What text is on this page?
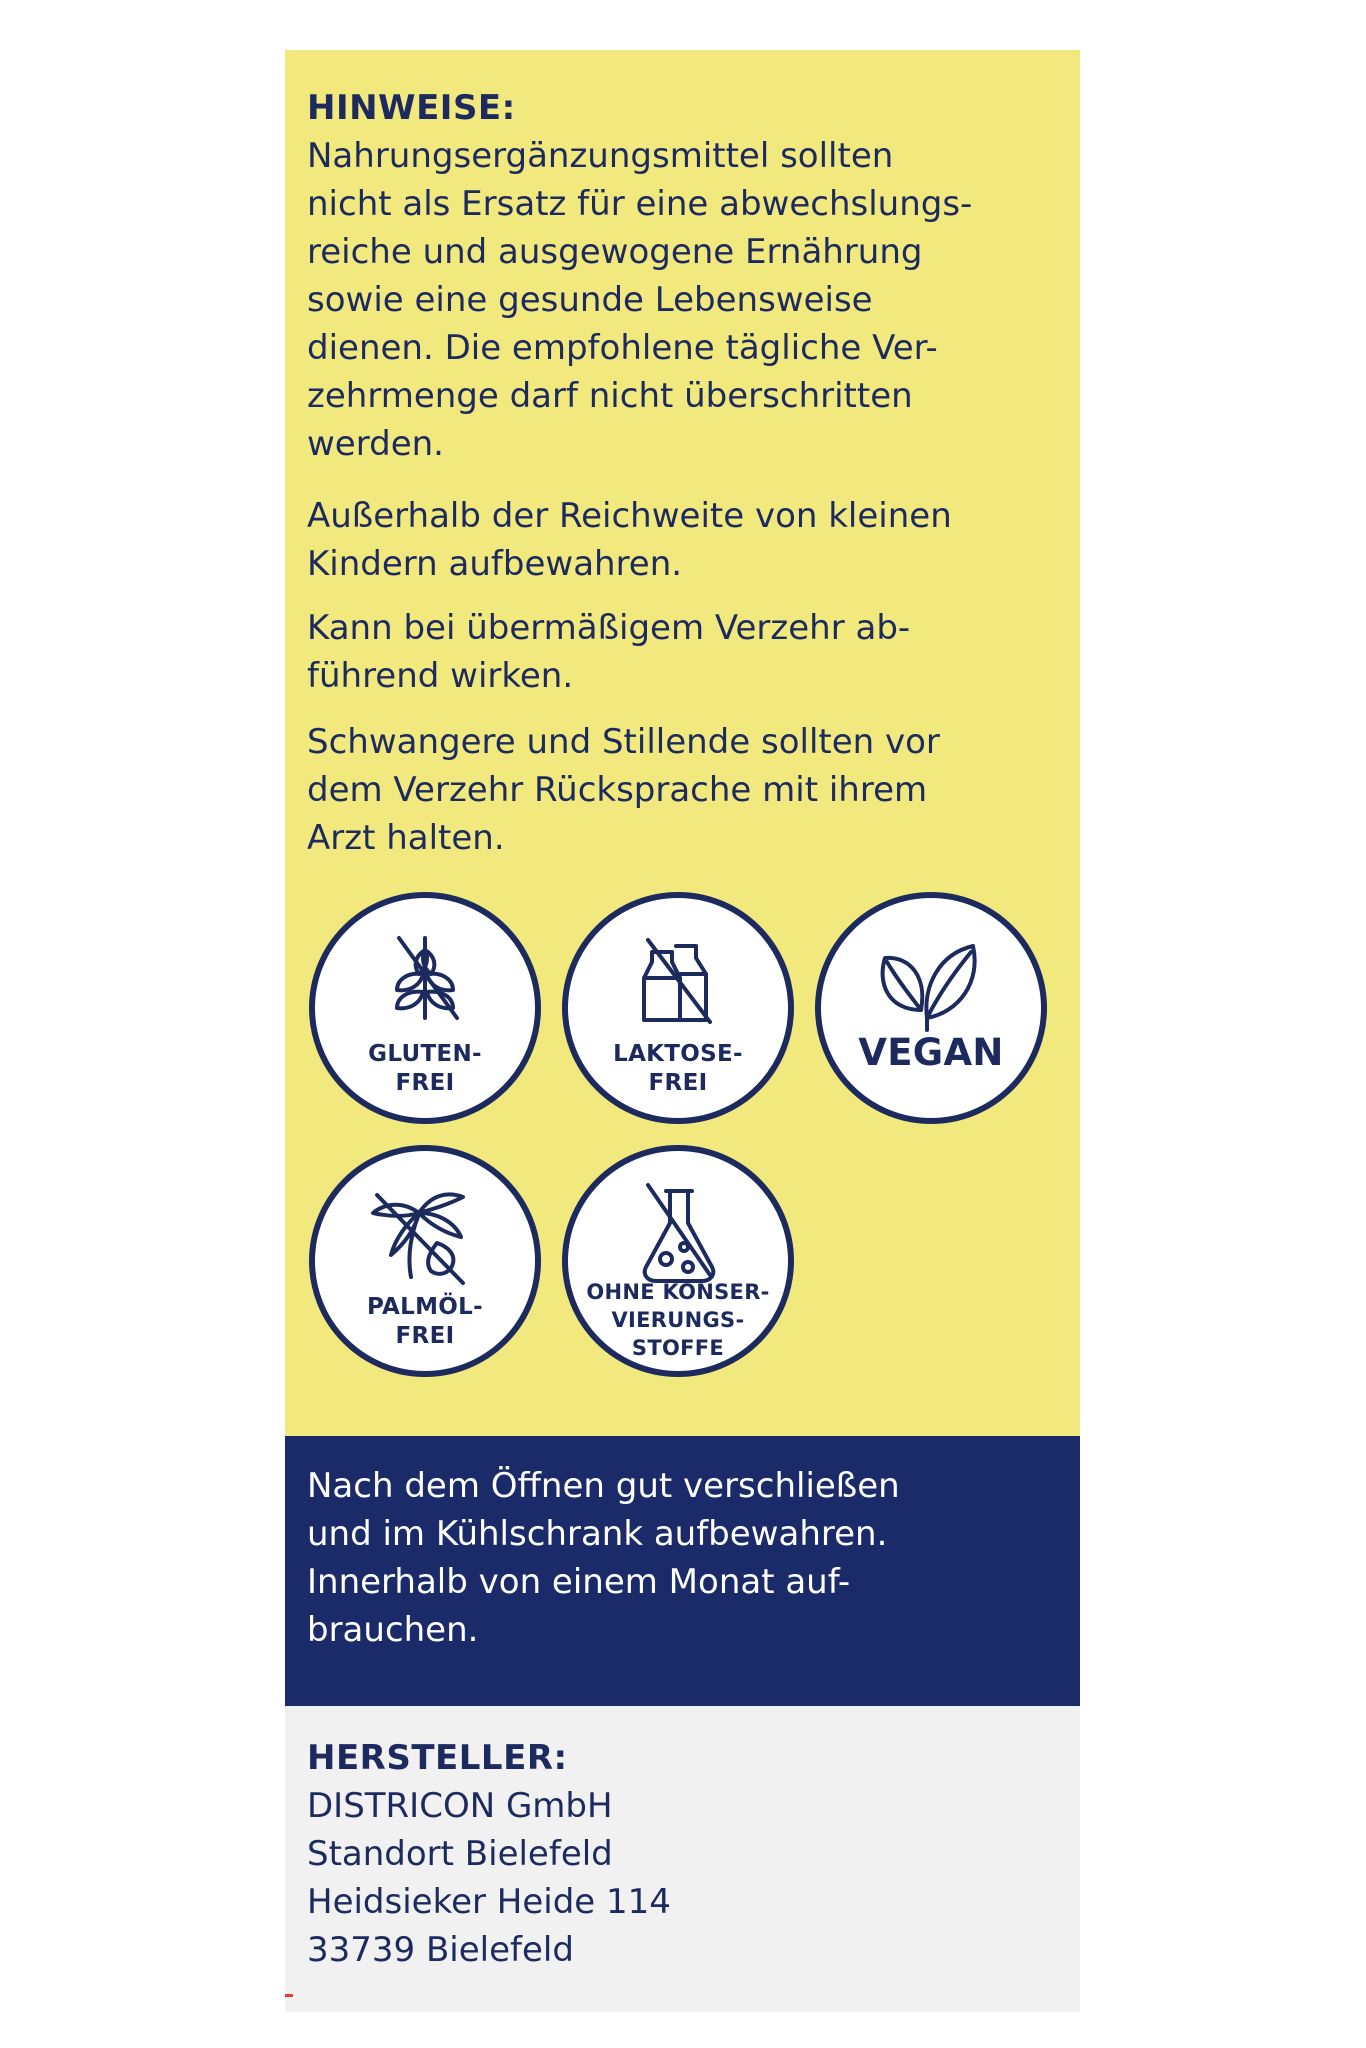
HINWEISE:

Nahrungsergänzungsmittel sollten
nicht als Ersatz für eine abwechslungs-
reiche und ausgewogene Ernährung
sowie eine gesunde Lebensweise
dienen. Die empfohlene tägliche Ver-
zehrmenge darf nicht überschritten
werden.

Außerhalb der Reichweite von kleinen
Kindern aufbewahren.

Kann bei übermäßigem Verzehr ab-
führend wirken.

Schwangere und Stillende sollten vor
dem Verzehr Rücksprache mit ihrem
Arzt halten.

GLUTEN-
FREI
LAKTOSE-
FREI
VEGAN
PALMÖL-
FREI
OHNE KONSER-
VIERUNGS-
STOFFE

Nach dem Öffnen gut verschließen
und im Kühlschrank aufbewahren.
Innerhalb von einem Monat auf-
brauchen.

HERSTELLER:

DISTRICON GmbH
Standort Bielefeld
Heidsieker Heide 114
33739 Bielefeld
